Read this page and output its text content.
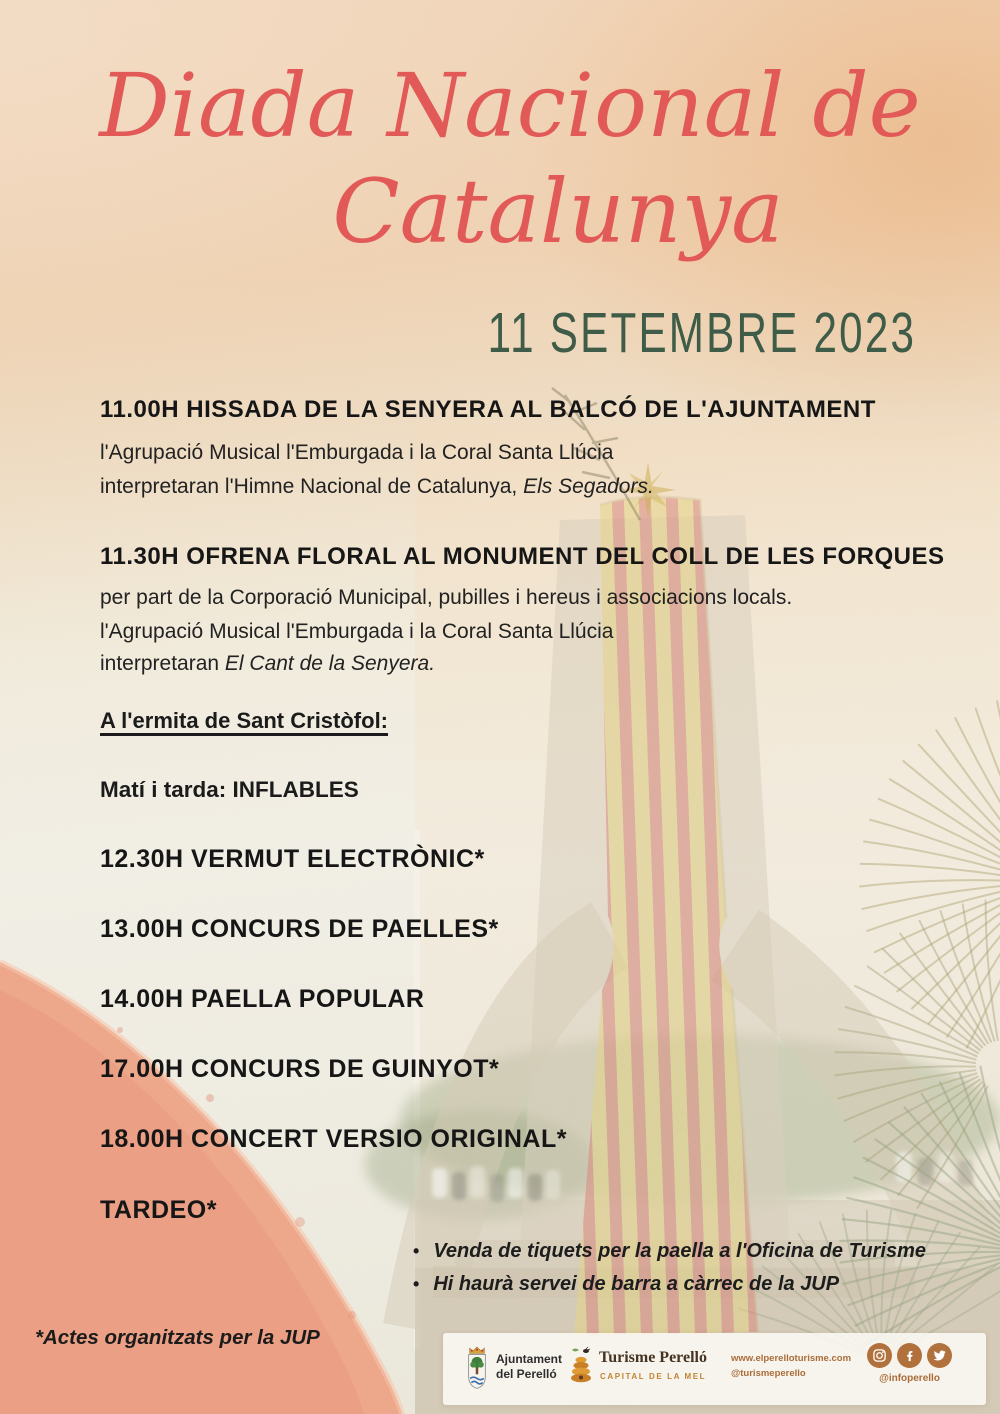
Diada Nacional de
Catalunya
11 SETEMBRE 2023
11.00H HISSADA DE LA SENYERA AL BALCÓ DE L'AJUNTAMENT
l'Agrupació Musical l'Emburgada i la Coral Santa Llúcia
interpretaran l'Himne Nacional de Catalunya, Els Segadors.
11.30H OFRENA FLORAL AL MONUMENT DEL COLL DE LES FORQUES
per part de la Corporació Municipal, pubilles i hereus i associacions locals.
l'Agrupació Musical l'Emburgada i la Coral Santa Llúcia
interpretaran El Cant de la Senyera.
A l'ermita de Sant Cristòfol:
Matí i tarda: INFLABLES
12.30H VERMUT ELECTRÒNIC*
13.00H CONCURS DE PAELLES*
14.00H PAELLA POPULAR
17.00H CONCURS DE GUINYOT*
18.00H CONCERT VERSIO ORIGINAL*
TARDEO*
• Venda de tiquets per la paella a l'Oficina de Turisme
• Hi haurà servei de barra a càrrec de la JUP
*Actes organitzats per la JUP
Ajuntament
del Perelló
Turisme Perelló
CAPITAL DE LA MEL
www.elperelloturisme.com
@turismeperello	@infoperello
